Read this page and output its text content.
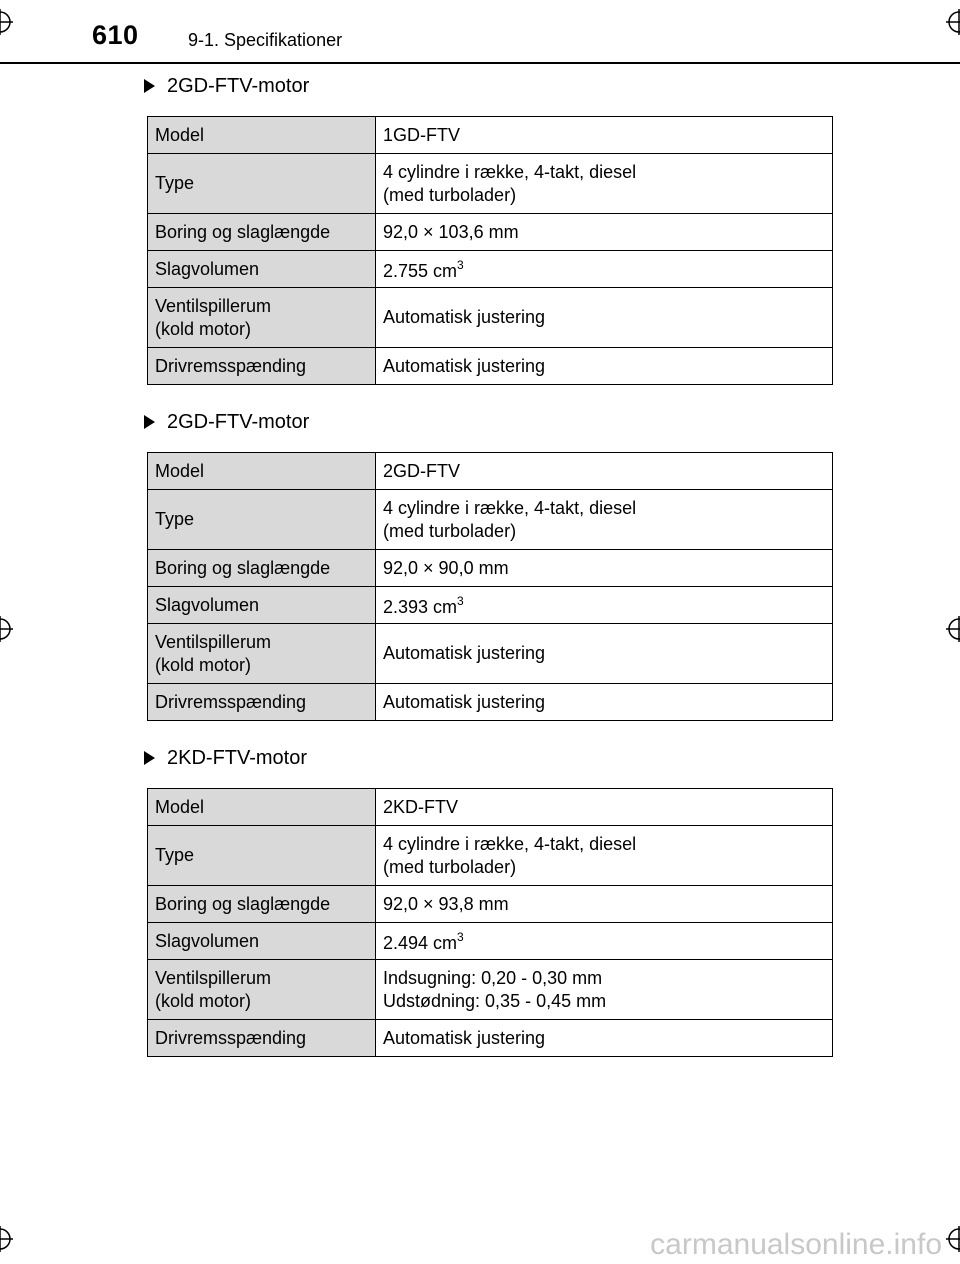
610	9-1. Specifikationer
2GD-FTV-motor
Model	1GD-FTV
Type	4 cylindre i række, 4-takt, diesel
(med turbolader)
Boring og slaglængde	92,0 × 103,6 mm
Slagvolumen	2.755 $cm^3$
Ventilspillerum
(kold motor)	Automatisk justering
Drivremsspænding	Automatisk justering
2GD-FTV-motor
Model	2GD-FTV
Type	4 cylindre i række, 4-takt, diesel
(med turbolader)
Boring og slaglængde	92,0 × 90,0 mm
Slagvolumen	2.393 $cm^3$
Ventilspillerum
(kold motor)	Automatisk justering
Drivremsspænding	Automatisk justering
2KD-FTV-motor
Model	2KD-FTV
Type	4 cylindre i række, 4-takt, diesel
(med turbolader)
Boring og slaglængde	92,0 × 93,8 mm
Slagvolumen	2.494 $cm^3$
Ventilspillerum
(kold motor)	Indsugning: 0,20 - 0,30 mm
Udstødning: 0,35 - 0,45 mm
Drivremsspænding	Automatisk justering
carmanualsonline.info
